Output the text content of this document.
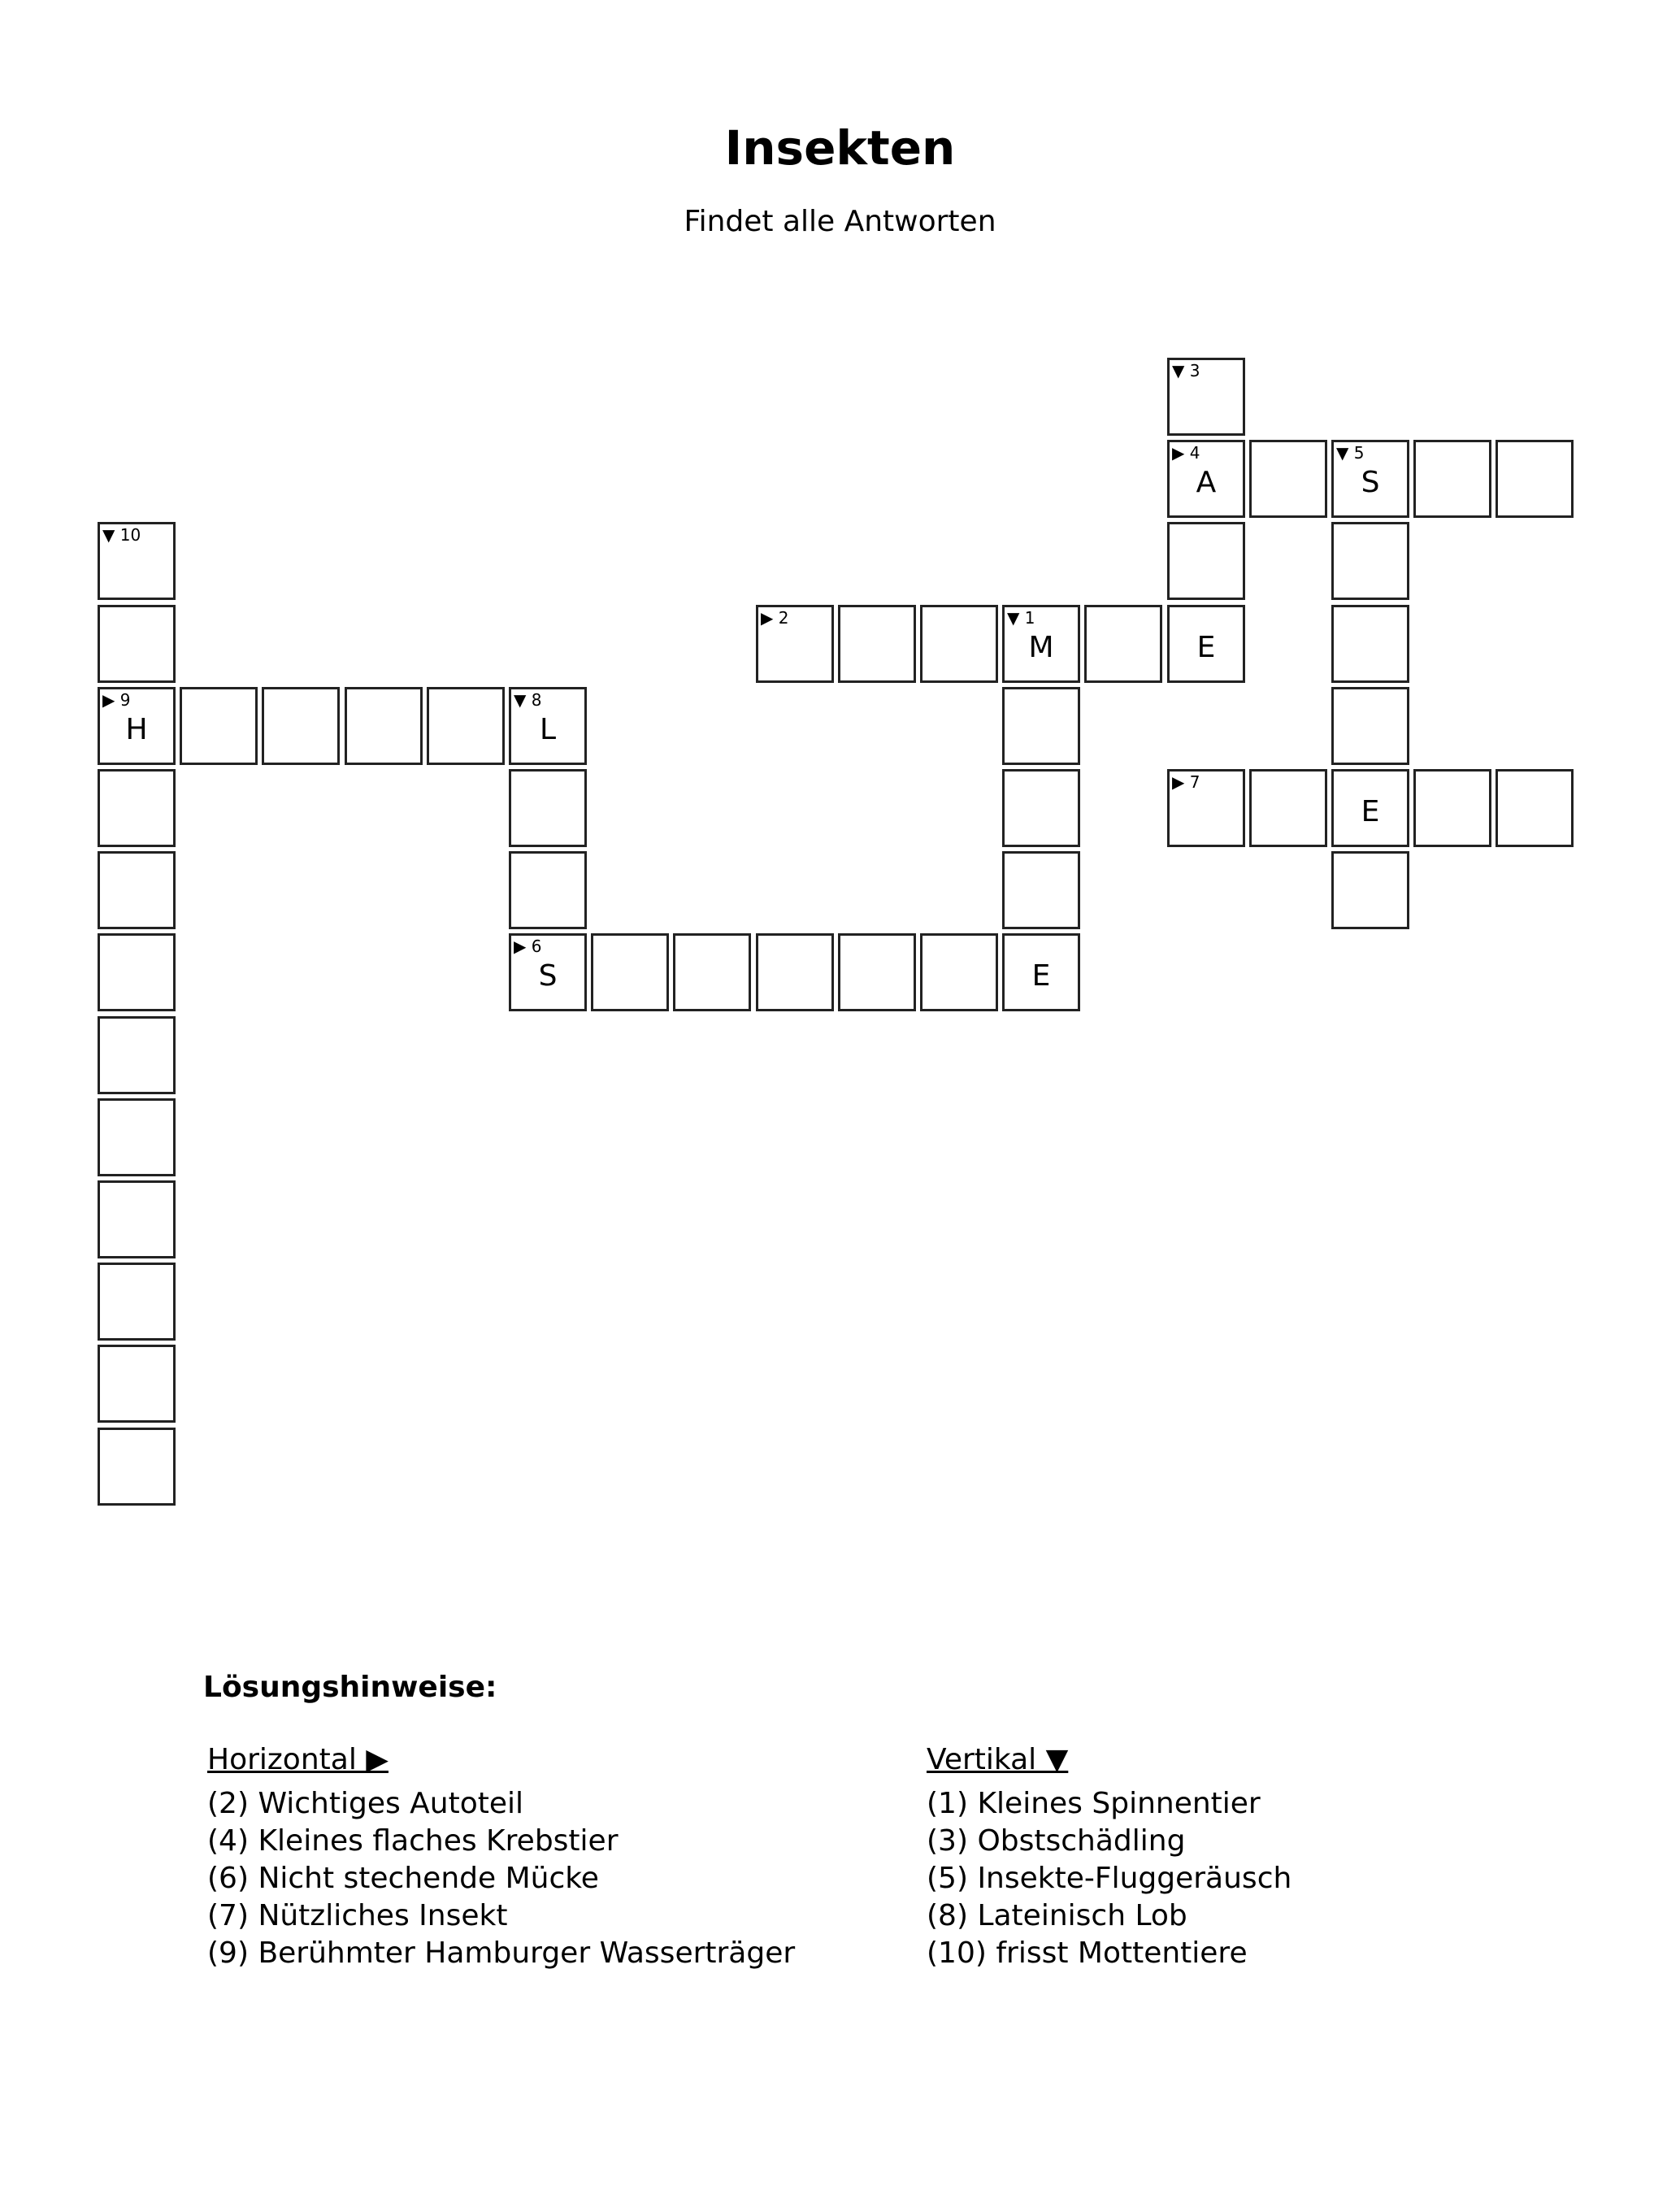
Insekten
Findet alle Antworten
▼ 3
▶ 4
A
▼ 5
S
▼ 10
▶ 2	▼ 1
M	E
▶ 9
H
▼ 8
L
▶ 7
E
▶ 6
S	E
Lösungshinweise:
Horizontal ▶
(2) Wichtiges Autoteil
(4) Kleines flaches Krebstier
(6) Nicht stechende Mücke
(7) Nützliches Insekt
(9) Berühmter Hamburger Wasserträger
Vertikal ▼
(1) Kleines Spinnentier
(3) Obstschädling
(5) Insekte-Fluggeräusch
(8) Lateinisch Lob
(10) frisst Mottentiere
